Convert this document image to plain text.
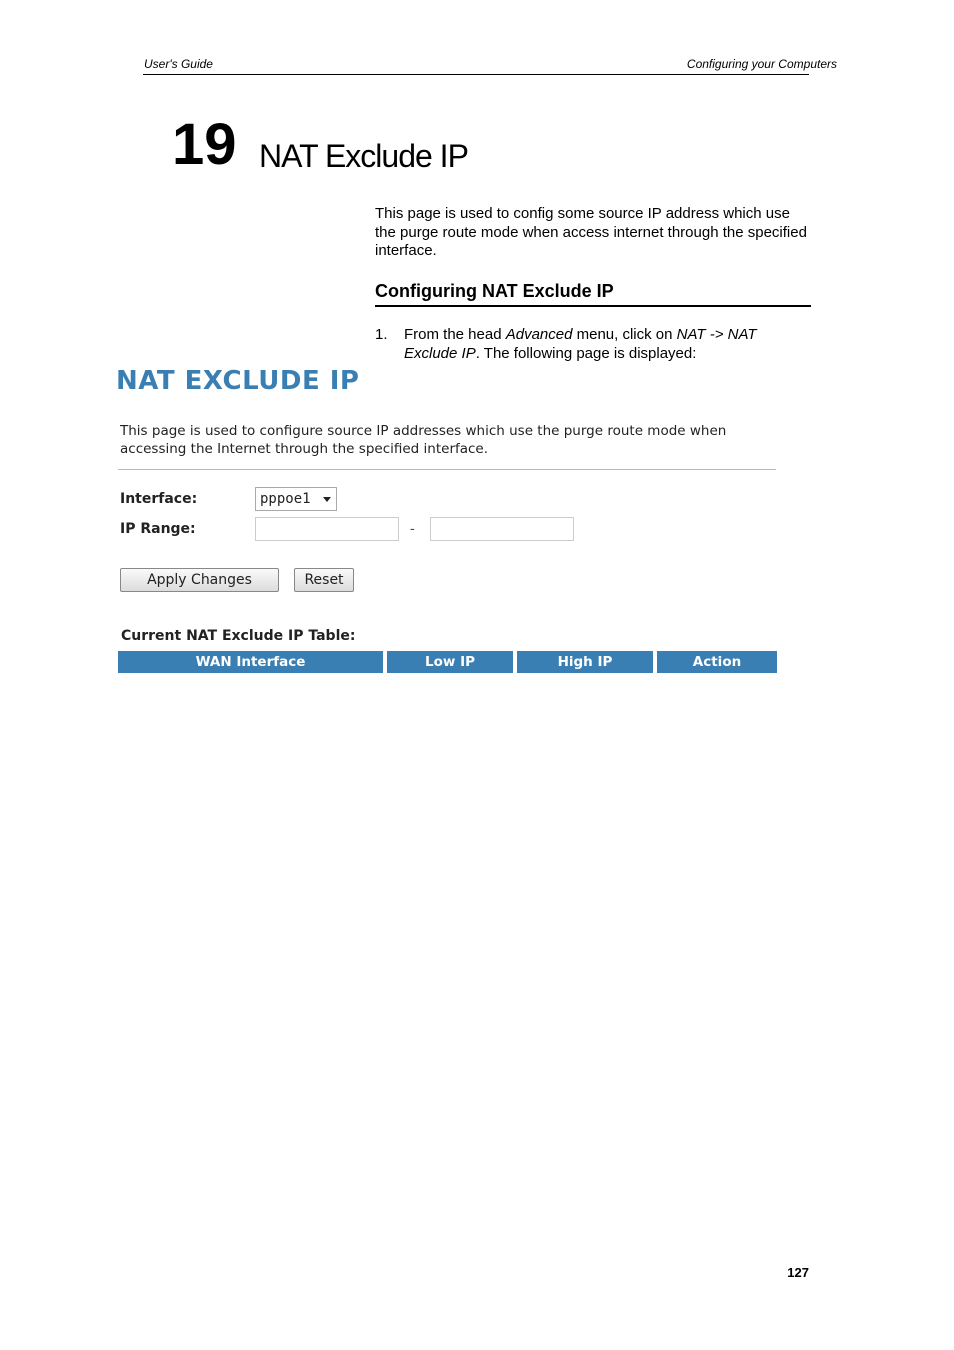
User's Guide	Configuring your Computers
19 NAT Exclude IP
This page is used to config some source IP address which use the purge route mode when access internet through the specified interface.
Configuring NAT Exclude IP
1. From the head Advanced menu, click on NAT -> NAT Exclude IP. The following page is displayed:
NAT EXCLUDE IP
This page is used to configure source IP addresses which use the purge route mode when accessing the Internet through the specified interface.
Interface:	pppoe1
IP Range:	-
Apply Changes	Reset
Current NAT Exclude IP Table:
WAN Interface	Low IP	High IP	Action
127
